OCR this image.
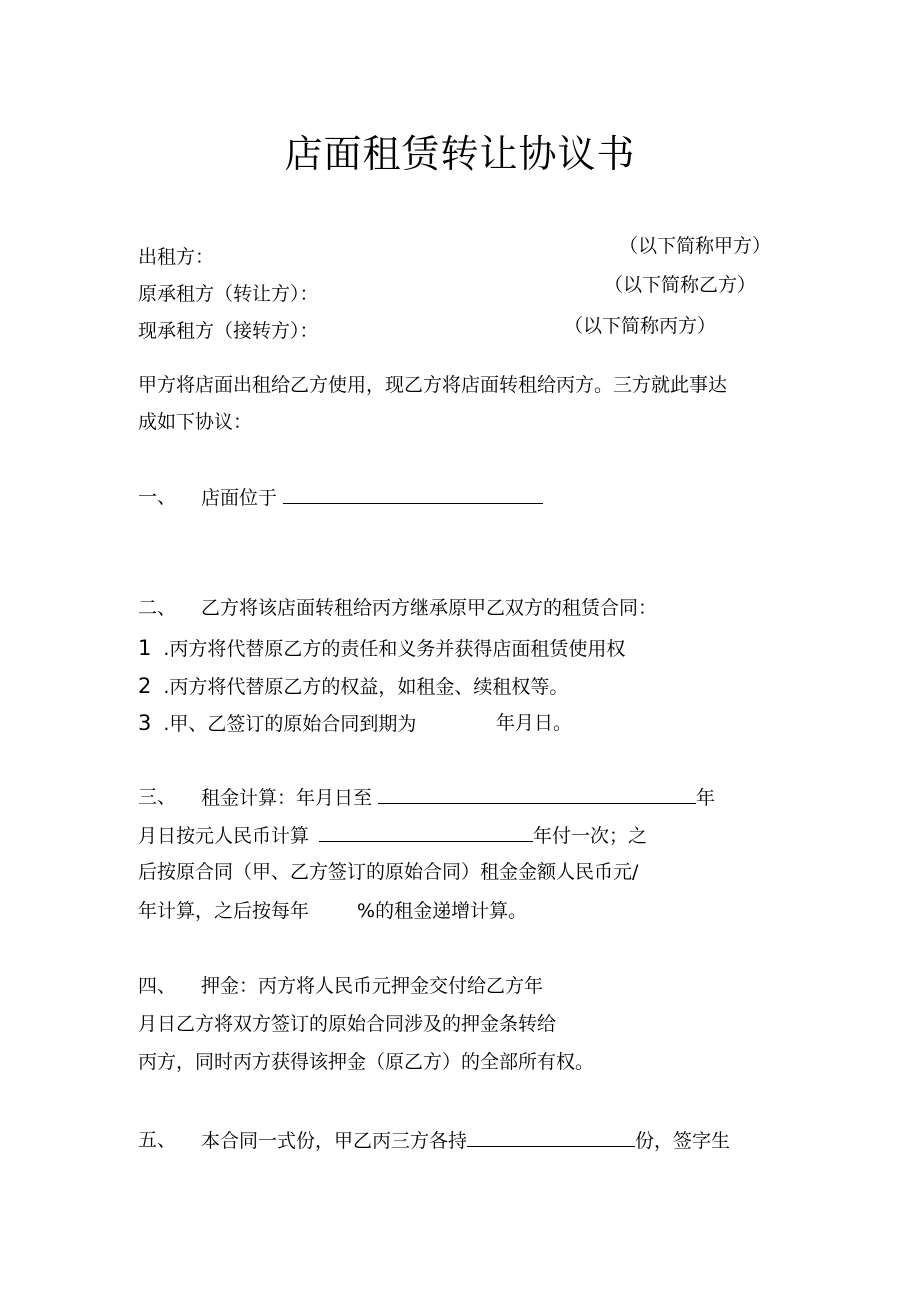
店面租赁转让协议书
出租方：	（以下简称甲方）
原承租方（转让方）：	（以下简称乙方）
现承租方（接转方）：	（以下简称丙方）
甲方将店面出租给乙方使用，现乙方将店面转租给丙方。三方就此事达
成如下协议：
一、 店面位于
二、 乙方将该店面转租给丙方继承原甲乙双方的租赁合同：
1 .丙方将代替原乙方的责任和义务并获得店面租赁使用权
2 .丙方将代替原乙方的权益，如租金、续租权等。
3 .甲、乙签订的原始合同到期为	年月日。
三、 租金计算：年月日至	年
月日按元人民币计算	年付一次；之
后按原合同（甲、乙方签订的原始合同）租金金额人民币元/
年计算，之后按每年	%的租金递增计算。
四、 押金：丙方将人民币元押金交付给乙方年
月日乙方将双方签订的原始合同涉及的押金条转给
丙方，同时丙方获得该押金（原乙方）的全部所有权。
五、 本合同一式份，甲乙丙三方各持	份，签字生
